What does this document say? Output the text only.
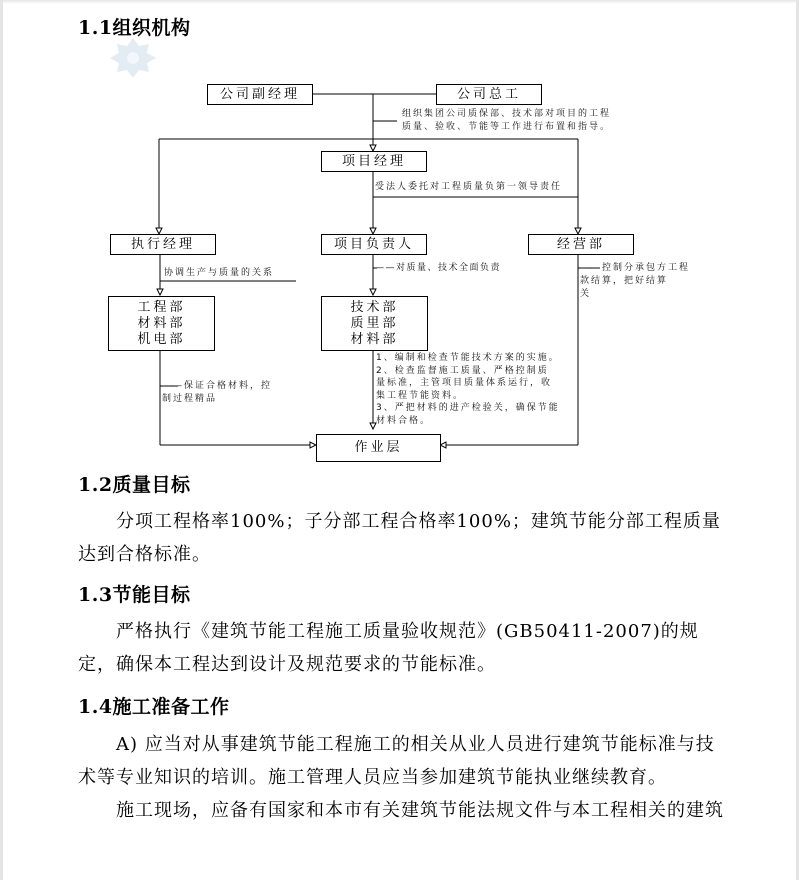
1.1组织机构
公司副经理	公司总工
项目经理
执行经理	项目负责人	经营部
工程部
材料部
机电部
技术部
质里部
材料部
作业层
组织集团公司质保部、技术部对项目的工程
质量、验收、节能等工作进行布置和指导。
受法人委托对工程质量负第一领导责任
协调生产与质量的关系	——对质量、技术全面负责	——控制分承包方工程
款结算，把好结算
关
——保证合格材料，控
制过程精品
1、编制和检查节能技术方案的实施。
2、检查监督施工质量、严格控制质
量标准，主管项目质量体系运行，收
集工程节能资料。
3、严把材料的进产检验关，确保节能
材料合格。
1.2质量目标

分项工程格率100%；子分部工程合格率100%；建筑节能分部工程质量达到合格标准。

1.3节能目标

严格执行《建筑节能工程施工质量验收规范》(GB50411-2007)的规定，确保本工程达到设计及规范要求的节能标准。

1.4施工准备工作

A) 应当对从事建筑节能工程施工的相关从业人员进行建筑节能标准与技术等专业知识的培训。施工管理人员应当参加建筑节能执业继续教育。

施工现场，应备有国家和本市有关建筑节能法规文件与本工程相关的建筑
